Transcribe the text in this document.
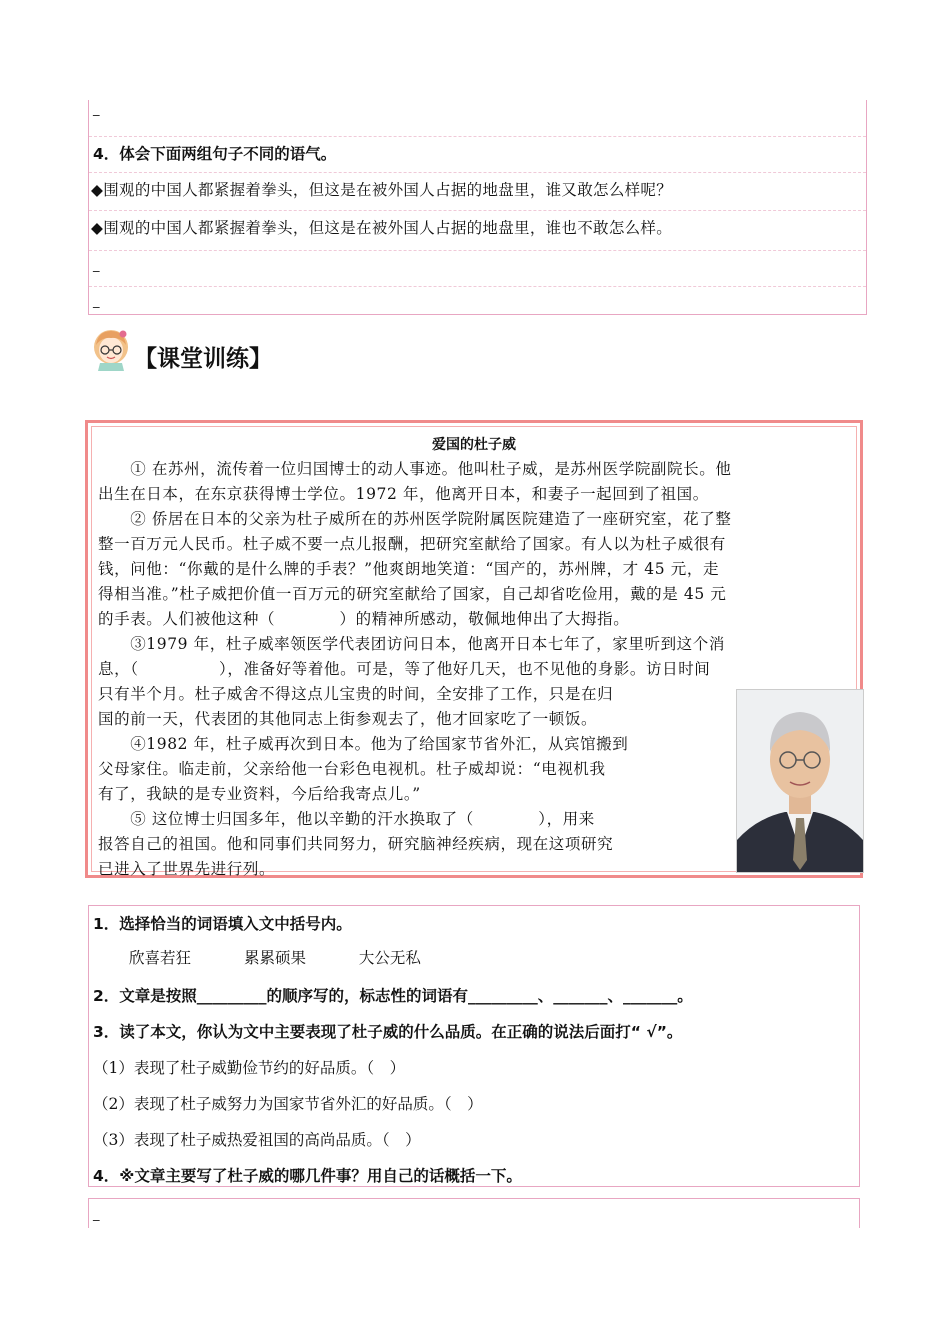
_
4．体会下面两组句子不同的语气。
◆围观的中国人都紧握着拳头，但这是在被外国人占据的地盘里，谁又敢怎么样呢？
◆围观的中国人都紧握着拳头，但这是在被外国人占据的地盘里，谁也不敢怎么样。
_
_
【课堂训练】
爱国的杜子威
　　① 在苏州，流传着一位归国博士的动人事迹。他叫杜子威，是苏州医学院副院长。他
出生在日本，在东京获得博士学位。1972 年，他离开日本，和妻子一起回到了祖国。
　　② 侨居在日本的父亲为杜子威所在的苏州医学院附属医院建造了一座研究室，花了整
整一百万元人民币。杜子威不要一点儿报酬，把研究室献给了国家。有人以为杜子威很有
钱，问他：“你戴的是什么牌的手表？”他爽朗地笑道：“国产的，苏州牌，才 45 元，走
得相当准。”杜子威把价值一百万元的研究室献给了国家，自己却省吃俭用，戴的是 45 元
的手表。人们被他这种（　　　　）的精神所感动，敬佩地伸出了大拇指。
　　③1979 年，杜子威率领医学代表团访问日本，他离开日本七年了，家里听到这个消
息，（　　　　　），准备好等着他。可是，等了他好几天，也不见他的身影。访日时间
只有半个月。杜子威舍不得这点儿宝贵的时间，全安排了工作，只是在归
国的前一天，代表团的其他同志上街参观去了，他才回家吃了一顿饭。
　　④1982 年，杜子威再次到日本。他为了给国家节省外汇，从宾馆搬到
父母家住。临走前，父亲给他一台彩色电视机。杜子威却说：“电视机我
有了，我缺的是专业资料，今后给我寄点儿。”
　　⑤ 这位博士归国多年，他以辛勤的汗水换取了（　　　　），用来
报答自己的祖国。他和同事们共同努力，研究脑神经疾病，现在这项研究
已进入了世界先进行列。
1．选择恰当的词语填入文中括号内。
欣喜若狂	累累硕果	大公无私
2．文章是按照_________的顺序写的，标志性的词语有_________、_______、_______。
3．读了本文，你认为文中主要表现了杜子威的什么品质。在正确的说法后面打“ √”。
（1）表现了杜子威勤俭节约的好品质。（　）
（2）表现了杜子威努力为国家节省外汇的好品质。（　）
（3）表现了杜子威热爱祖国的高尚品质。（　）
4．※文章主要写了杜子威的哪几件事？用自己的话概括一下。
_
